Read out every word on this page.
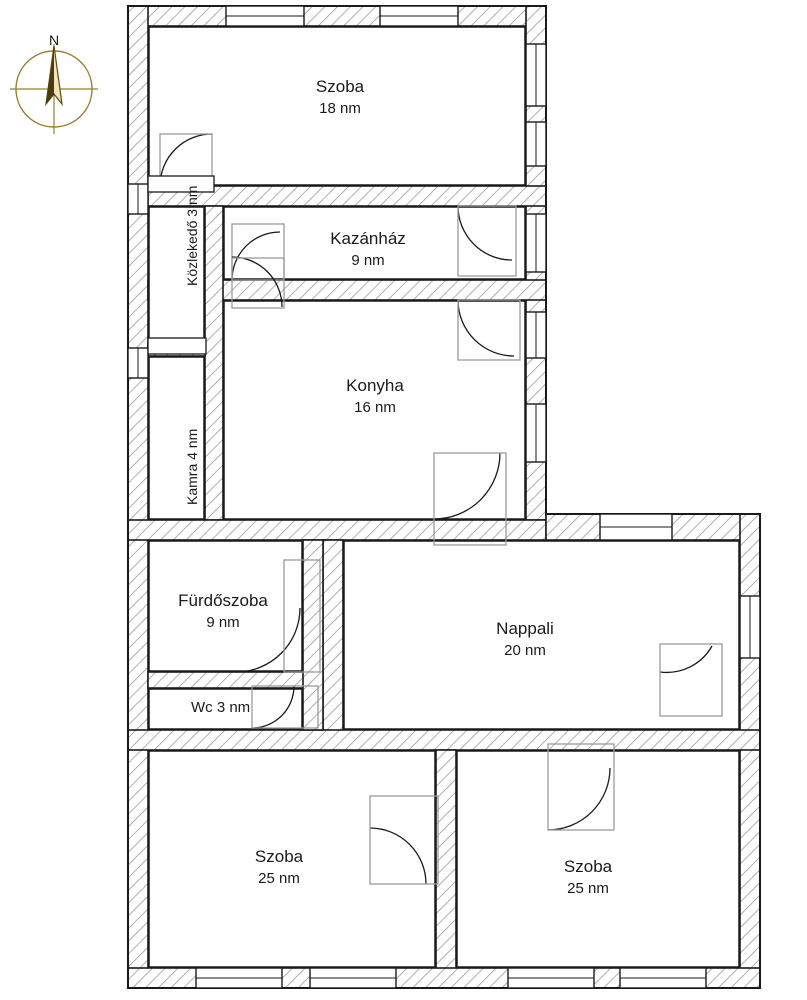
N
Szoba
18 nm
Kazánház
9 nm
Konyha
16 nm
Fürdőszoba
9 nm	Nappali
20 nm
Szoba
25 nm
Szoba
25 nm
Wc 3 nm
Közlekedő 3 nm
Kamra 4 nm
